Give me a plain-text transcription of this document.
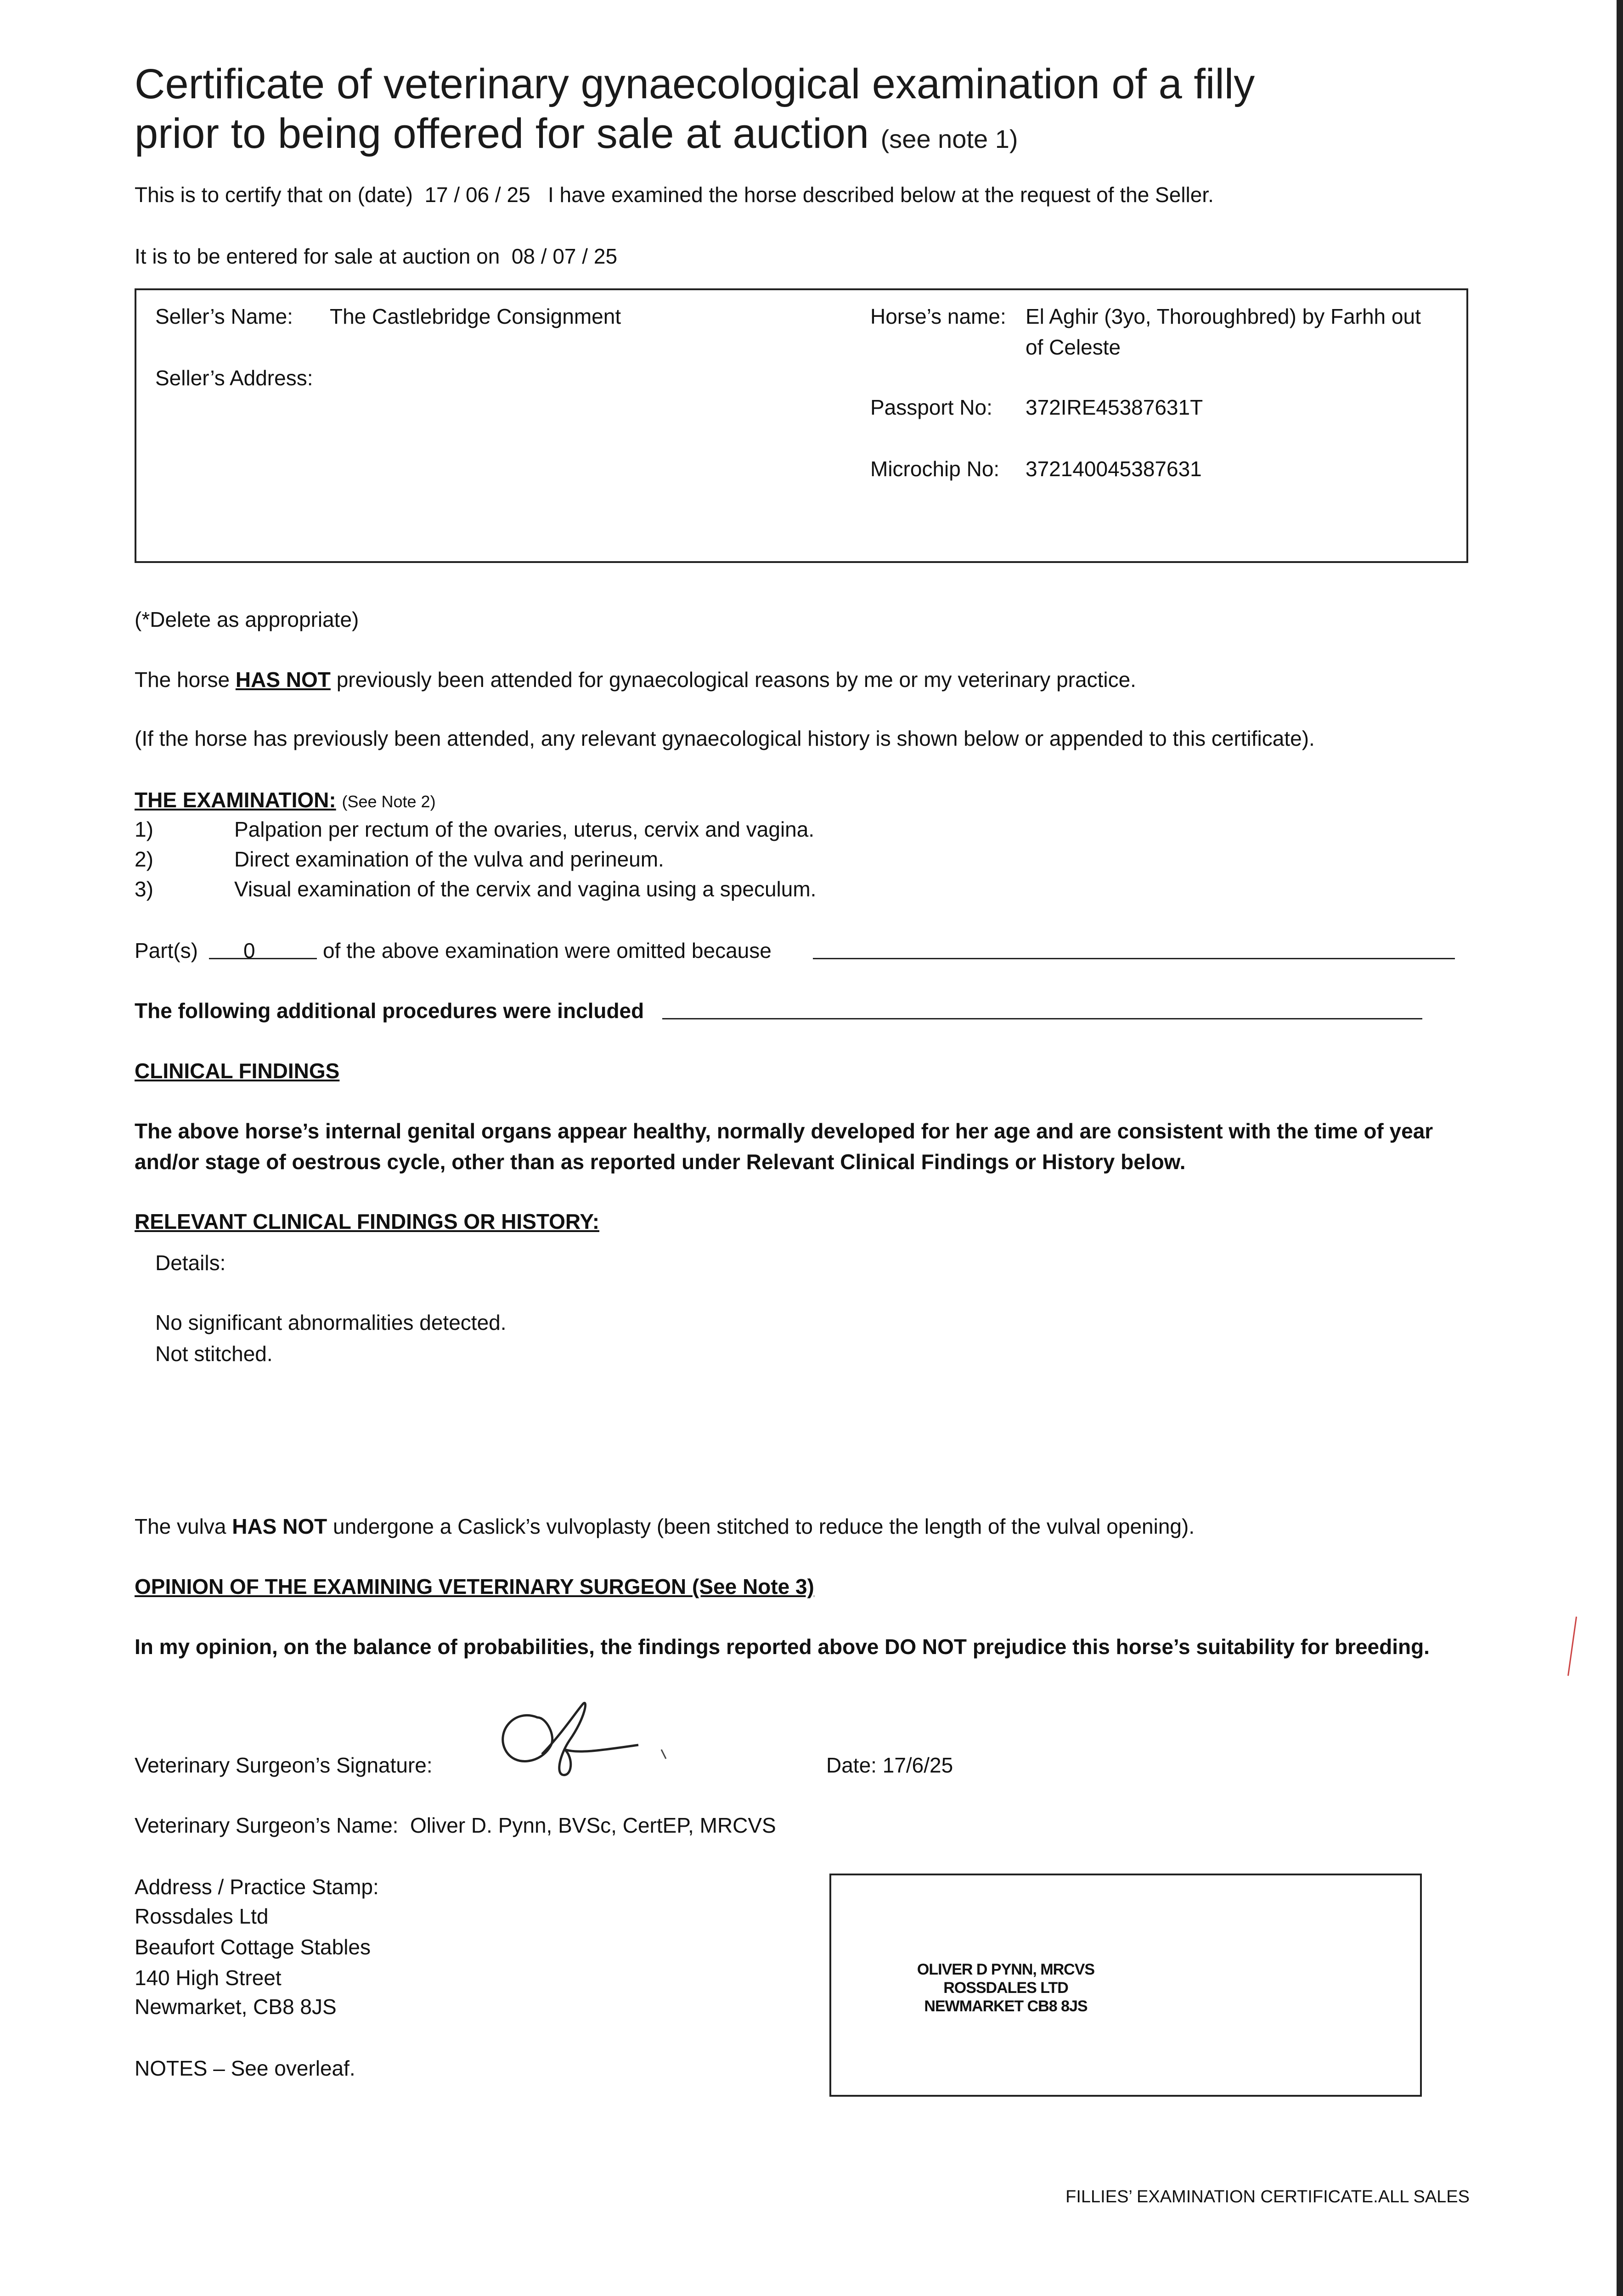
Certificate of veterinary gynaecological examination of a filly
prior to being offered for sale at auction (see note 1)
This is to certify that on (date) 17 / 06 / 25 I have examined the horse described below at the request of the Seller.
It is to be entered for sale at auction on 08 / 07 / 25
Seller’s Name: The Castlebridge Consignment
Seller’s Address:
Horse’s name: El Aghir (3yo, Thoroughbred) by Farhh out
of Celeste
Passport No: 372IRE45387631T
Microchip No: 372140045387631
(*Delete as appropriate)
The horse HAS NOT previously been attended for gynaecological reasons by me or my veterinary practice.
(If the horse has previously been attended, any relevant gynaecological history is shown below or appended to this certificate).
THE EXAMINATION: (See Note 2)
1)	Palpation per rectum of the ovaries, uterus, cervix and vagina.
2)	Direct examination of the vulva and perineum.
3)	Visual examination of the cervix and vagina using a speculum.
Part(s) 0	of the above examination were omitted because
The following additional procedures were included
CLINICAL FINDINGS
The above horse’s internal genital organs appear healthy, normally developed for her age and are consistent with the time of year
and/or stage of oestrous cycle, other than as reported under Relevant Clinical Findings or History below.
RELEVANT CLINICAL FINDINGS OR HISTORY:
Details:
No significant abnormalities detected.
Not stitched.
The vulva HAS NOT undergone a Caslick’s vulvoplasty (been stitched to reduce the length of the vulval opening).
OPINION OF THE EXAMINING VETERINARY SURGEON (See Note 3)
In my opinion, on the balance of probabilities, the findings reported above DO NOT prejudice this horse’s suitability for breeding.
Veterinary Surgeon’s Signature:	Date: 17/6/25
Veterinary Surgeon’s Name: Oliver D. Pynn, BVSc, CertEP, MRCVS
Address / Practice Stamp:
Rossdales Ltd
Beaufort Cottage Stables
140 High Street
Newmarket, CB8 8JS
NOTES – See overleaf.
OLIVER D PYNN, MRCVS
ROSSDALES LTD
NEWMARKET CB8 8JS
FILLIES’ EXAMINATION CERTIFICATE.ALL SALES
